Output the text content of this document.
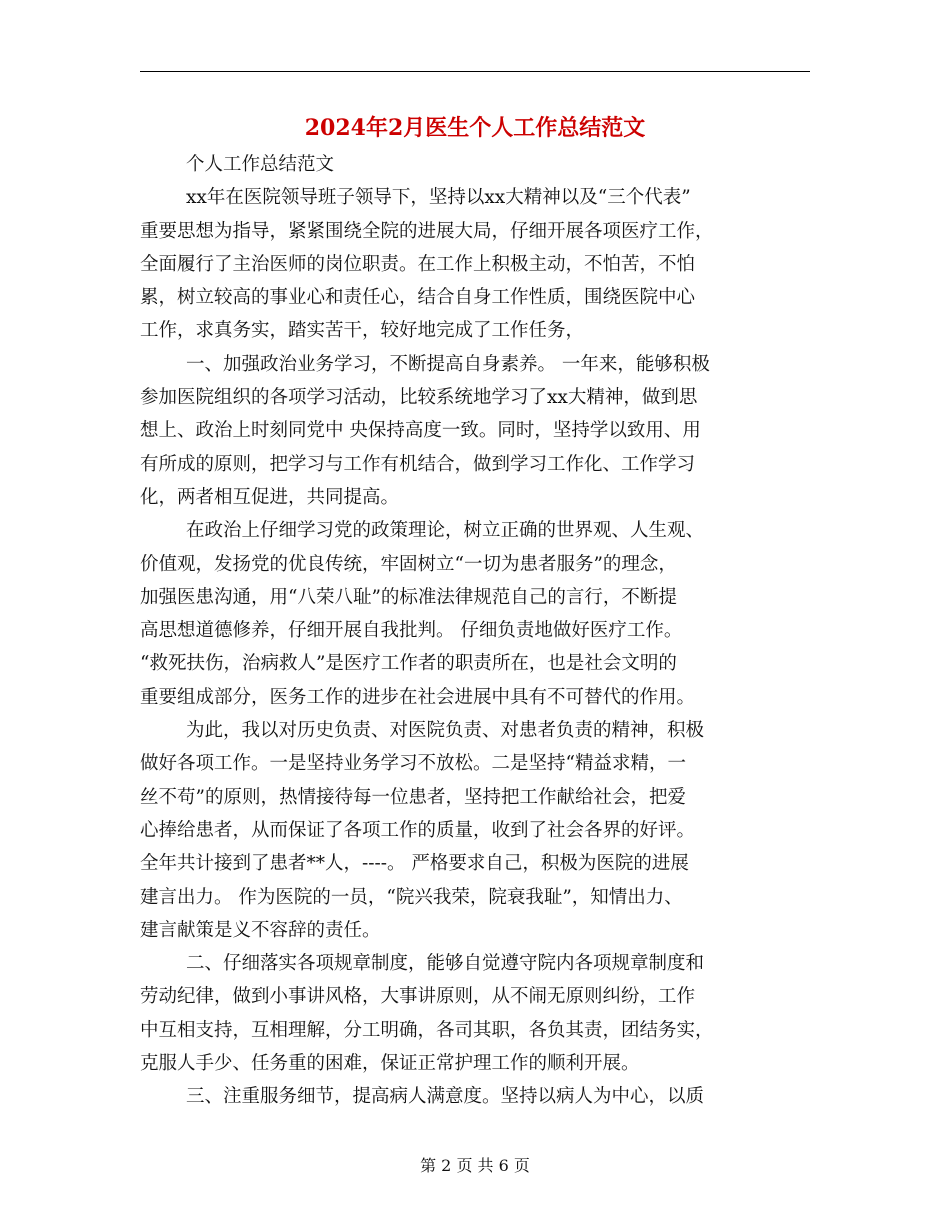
2024年2月医生个人工作总结范文

个人工作总结范文

xx年在医院领导班子领导下，坚持以xx大精神以及“三个代表”
重要思想为指导，紧紧围绕全院的进展大局，仔细开展各项医疗工作，
全面履行了主治医师的岗位职责。在工作上积极主动，不怕苦，不怕
累，树立较高的事业心和责任心，结合自身工作性质，围绕医院中心
工作，求真务实，踏实苦干，较好地完成了工作任务，

一、加强政治业务学习，不断提高自身素养。 一年来，能够积极
参加医院组织的各项学习活动，比较系统地学习了xx大精神，做到思
想上、政治上时刻同党中 央保持高度一致。同时，坚持学以致用、用
有所成的原则，把学习与工作有机结合，做到学习工作化、工作学习
化，两者相互促进，共同提高。

在政治上仔细学习党的政策理论，树立正确的世界观、人生观、
价值观，发扬党的优良传统，牢固树立“一切为患者服务”的理念，
加强医患沟通，用“八荣八耻”的标准法律规范自己的言行，不断提
高思想道德修养，仔细开展自我批判。 仔细负责地做好医疗工作。
“救死扶伤，治病救人”是医疗工作者的职责所在，也是社会文明的
重要组成部分，医务工作的进步在社会进展中具有不可替代的作用。

为此，我以对历史负责、对医院负责、对患者负责的精神，积极
做好各项工作。一是坚持业务学习不放松。二是坚持“精益求精，一
丝不苟”的原则，热情接待每一位患者，坚持把工作献给社会，把爱
心捧给患者，从而保证了各项工作的质量，收到了社会各界的好评。
全年共计接到了患者**人，----。 严格要求自己，积极为医院的进展
建言出力。 作为医院的一员，“院兴我荣，院衰我耻”，知情出力、
建言献策是义不容辞的责任。

二、仔细落实各项规章制度，能够自觉遵守院内各项规章制度和
劳动纪律，做到小事讲风格，大事讲原则，从不闹无原则纠纷，工作
中互相支持，互相理解，分工明确，各司其职，各负其责，团结务实，
克服人手少、任务重的困难，保证正常护理工作的顺利开展。

三、注重服务细节，提高病人满意度。坚持以病人为中心，以质

第 2 页 共 6 页
